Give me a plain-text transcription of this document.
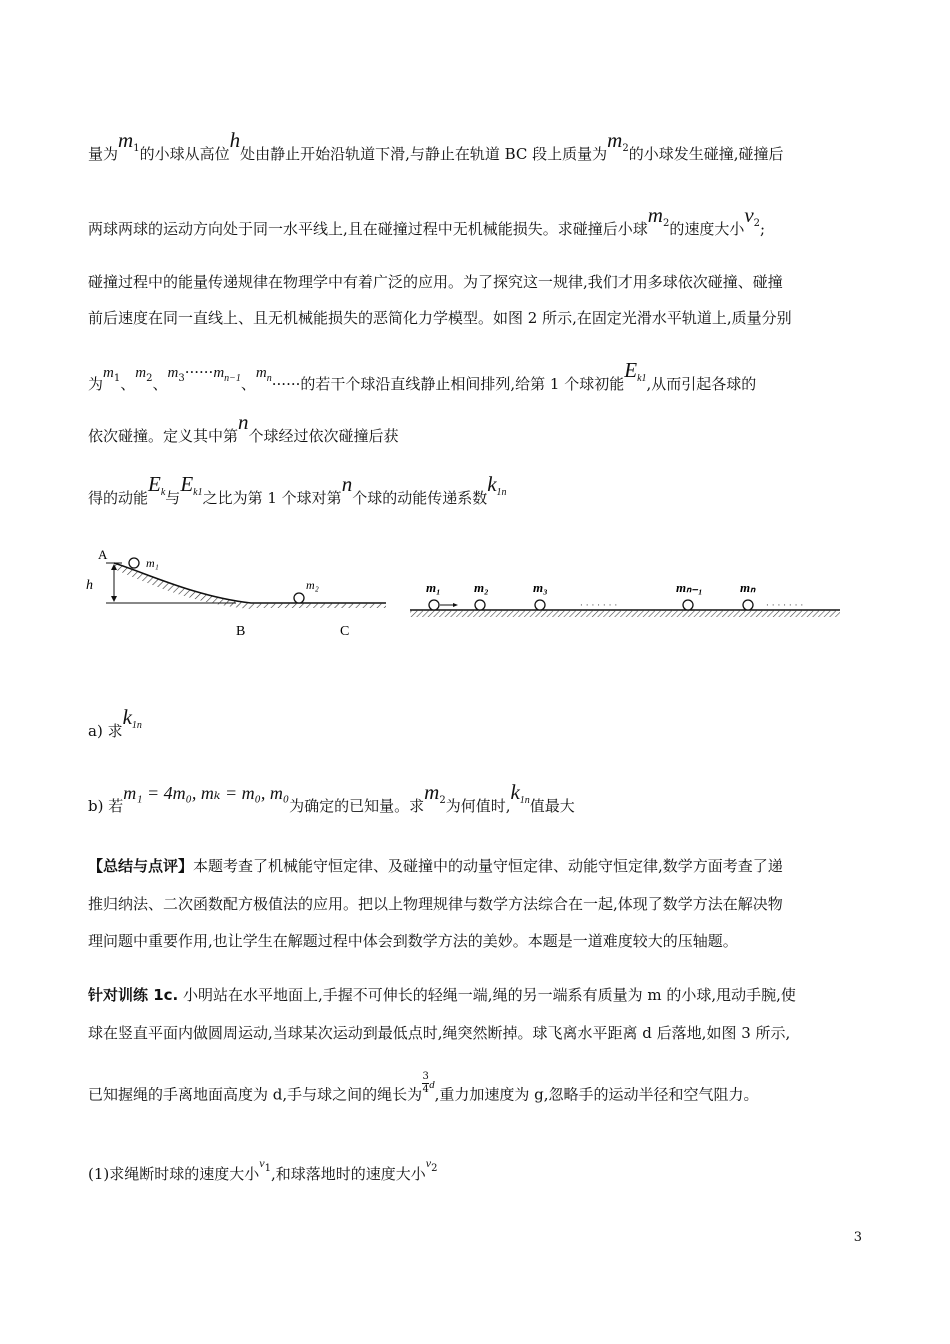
量为$m_1$的小球从高位h处由静止开始沿轨道下滑,与静止在轨道 BC 段上质量为$m_2$的小球发生碰撞,碰撞后
两球两球的运动方向处于同一水平线上,且在碰撞过程中无机械能损失。求碰撞后小球$m_2$的速度大小$v_2$;
碰撞过程中的能量传递规律在物理学中有着广泛的应用。为了探究这一规律,我们才用多球依次碰撞、碰撞
前后速度在同一直线上、且无机械能损失的恶简化力学模型。如图 2 所示,在固定光滑水平轨道上,质量分别
为$m_1$、$m_2$、$m_3\cdot\cdot\cdot\cdot\cdot\cdot m_{n-1}$、$m_n\cdot\cdot\cdot\cdot\cdot\cdot$的若干个球沿直线静止相间排列,给第 1 个球初能$E_{k1}$,从而引起各球的
依次碰撞。定义其中第n个球经过依次碰撞后获
得的动能$E_k$与$E_{k1}$之比为第 1 个球对第n个球的动能传递系数$k_{1n}$
A
h
m₁
m₂
B	C
· · · · · · ·	· · · · · · ·
m₁	m₂	m₃	mₙ₋₁	mₙ
a) 求$k_{1n}$
b) 若m₁ = 4m₀, mₖ = m₀, m₀为确定的已知量。求$m_2$为何值时$,k_{1n}$值最大
【总结与点评】本题考查了机械能守恒定律、及碰撞中的动量守恒定律、动能守恒定律,数学方面考查了递
推归纳法、二次函数配方极值法的应用。把以上物理规律与数学方法综合在一起,体现了数学方法在解决物
理问题中重要作用,也让学生在解题过程中体会到数学方法的美妙。本题是一道难度较大的压轴题。
针对训练 1c. 小明站在水平地面上,手握不可伸长的轻绳一端,绳的另一端系有质量为 m 的小球,甩动手腕,使
球在竖直平面内做圆周运动,当球某次运动到最低点时,绳突然断掉。球飞离水平距离 d 后落地,如图 3 所示,
已知握绳的手离地面高度为 d,手与球之间的绳长为 $\frac{3}{4} ^d$,重力加速度为 g,忽略手的运动半径和空气阻力。
(1)求绳断时球的速度大小$v_1$,和球落地时的速度大小$v_2$
3
